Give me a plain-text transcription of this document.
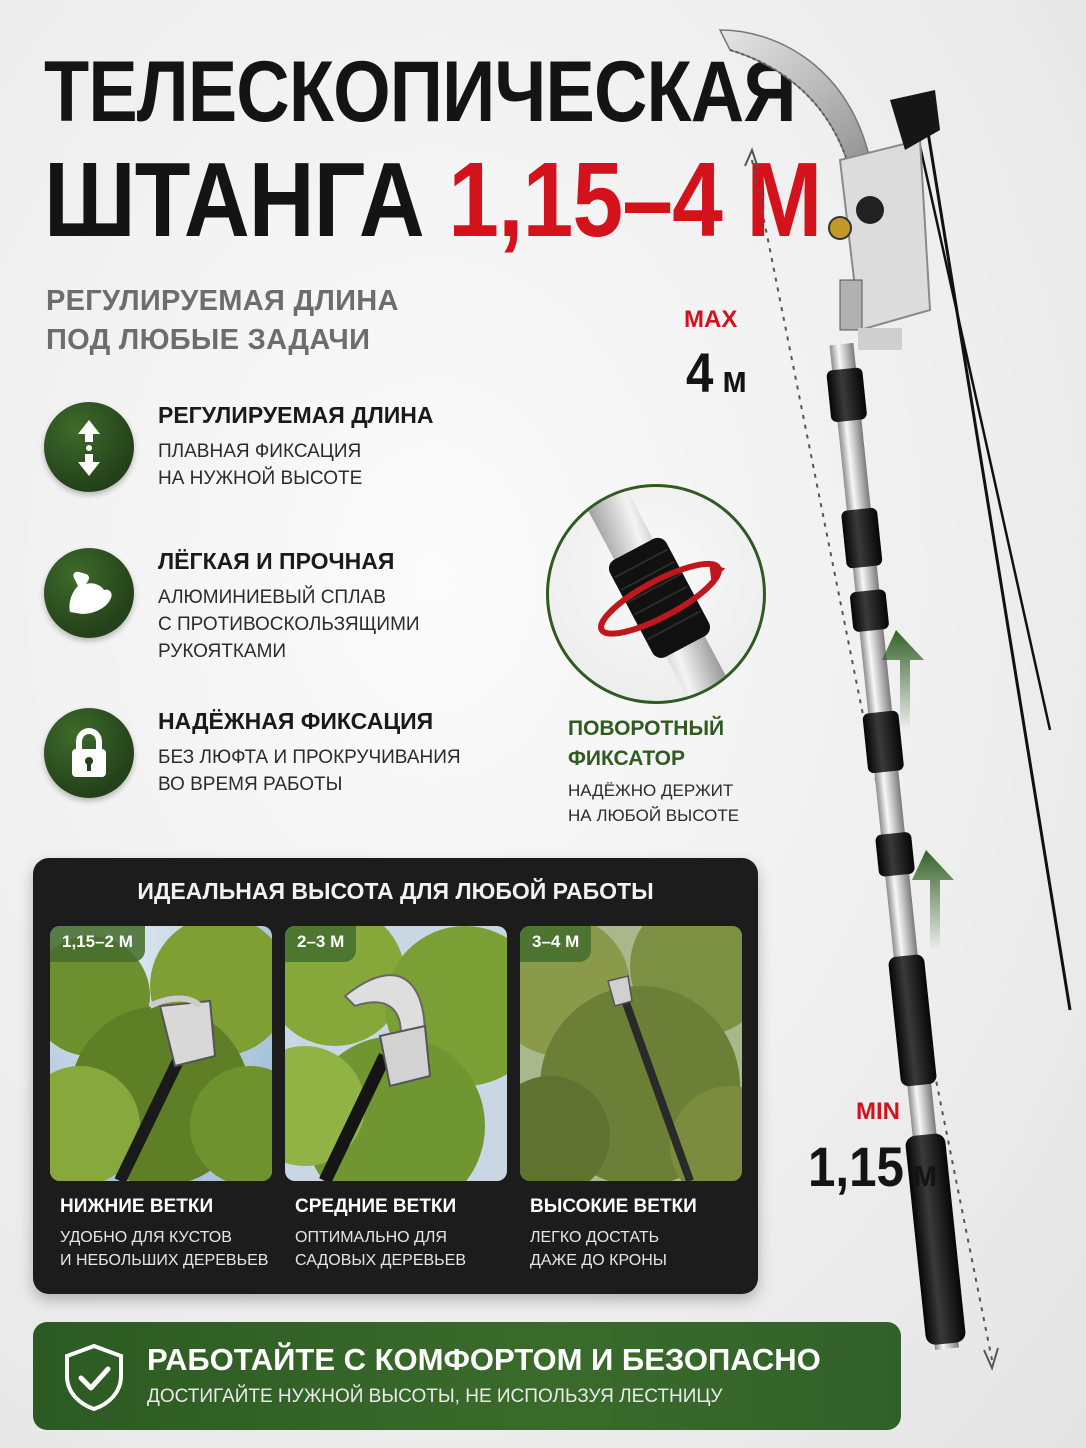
ТЕЛЕСКОПИЧЕСКАЯ
ШТАНГА 1,15–4 М
РЕГУЛИРУЕМАЯ ДЛИНА ПОД ЛЮБЫЕ ЗАДАЧИ
РЕГУЛИРУЕМАЯ ДЛИНА
ПЛАВНАЯ ФИКСАЦИЯ
НА НУЖНОЙ ВЫСОТЕ
ЛЁГКАЯ И ПРОЧНАЯ
АЛЮМИНИЕВЫЙ СПЛАВ
С ПРОТИВОСКОЛЬЗЯЩИМИ
РУКОЯТКАМИ
НАДЁЖНАЯ ФИКСАЦИЯ
БЕЗ ЛЮФТА И ПРОКРУЧИВАНИЯ
ВО ВРЕМЯ РАБОТЫ
ПОВОРОТНЫЙ
ФИКСАТОР
НАДЁЖНО ДЕРЖИТ
НА ЛЮБОЙ ВЫСОТЕ
MAX
4 м
MIN
1,15 м
ИДЕАЛЬНАЯ ВЫСОТА ДЛЯ ЛЮБОЙ РАБОТЫ
1,15–2 М
НИЖНИЕ ВЕТКИ
УДОБНО ДЛЯ КУСТОВ
И НЕБОЛЬШИХ ДЕРЕВЬЕВ
2–3 М
СРЕДНИЕ ВЕТКИ
ОПТИМАЛЬНО ДЛЯ
САДОВЫХ ДЕРЕВЬЕВ
3–4 М
ВЫСОКИЕ ВЕТКИ
ЛЕГКО ДОСТАТЬ
ДАЖЕ ДО КРОНЫ
РАБОТАЙТЕ С КОМФОРТОМ И БЕЗОПАСНО
ДОСТИГАЙТЕ НУЖНОЙ ВЫСОТЫ, НЕ ИСПОЛЬЗУЯ ЛЕСТНИЦУ
